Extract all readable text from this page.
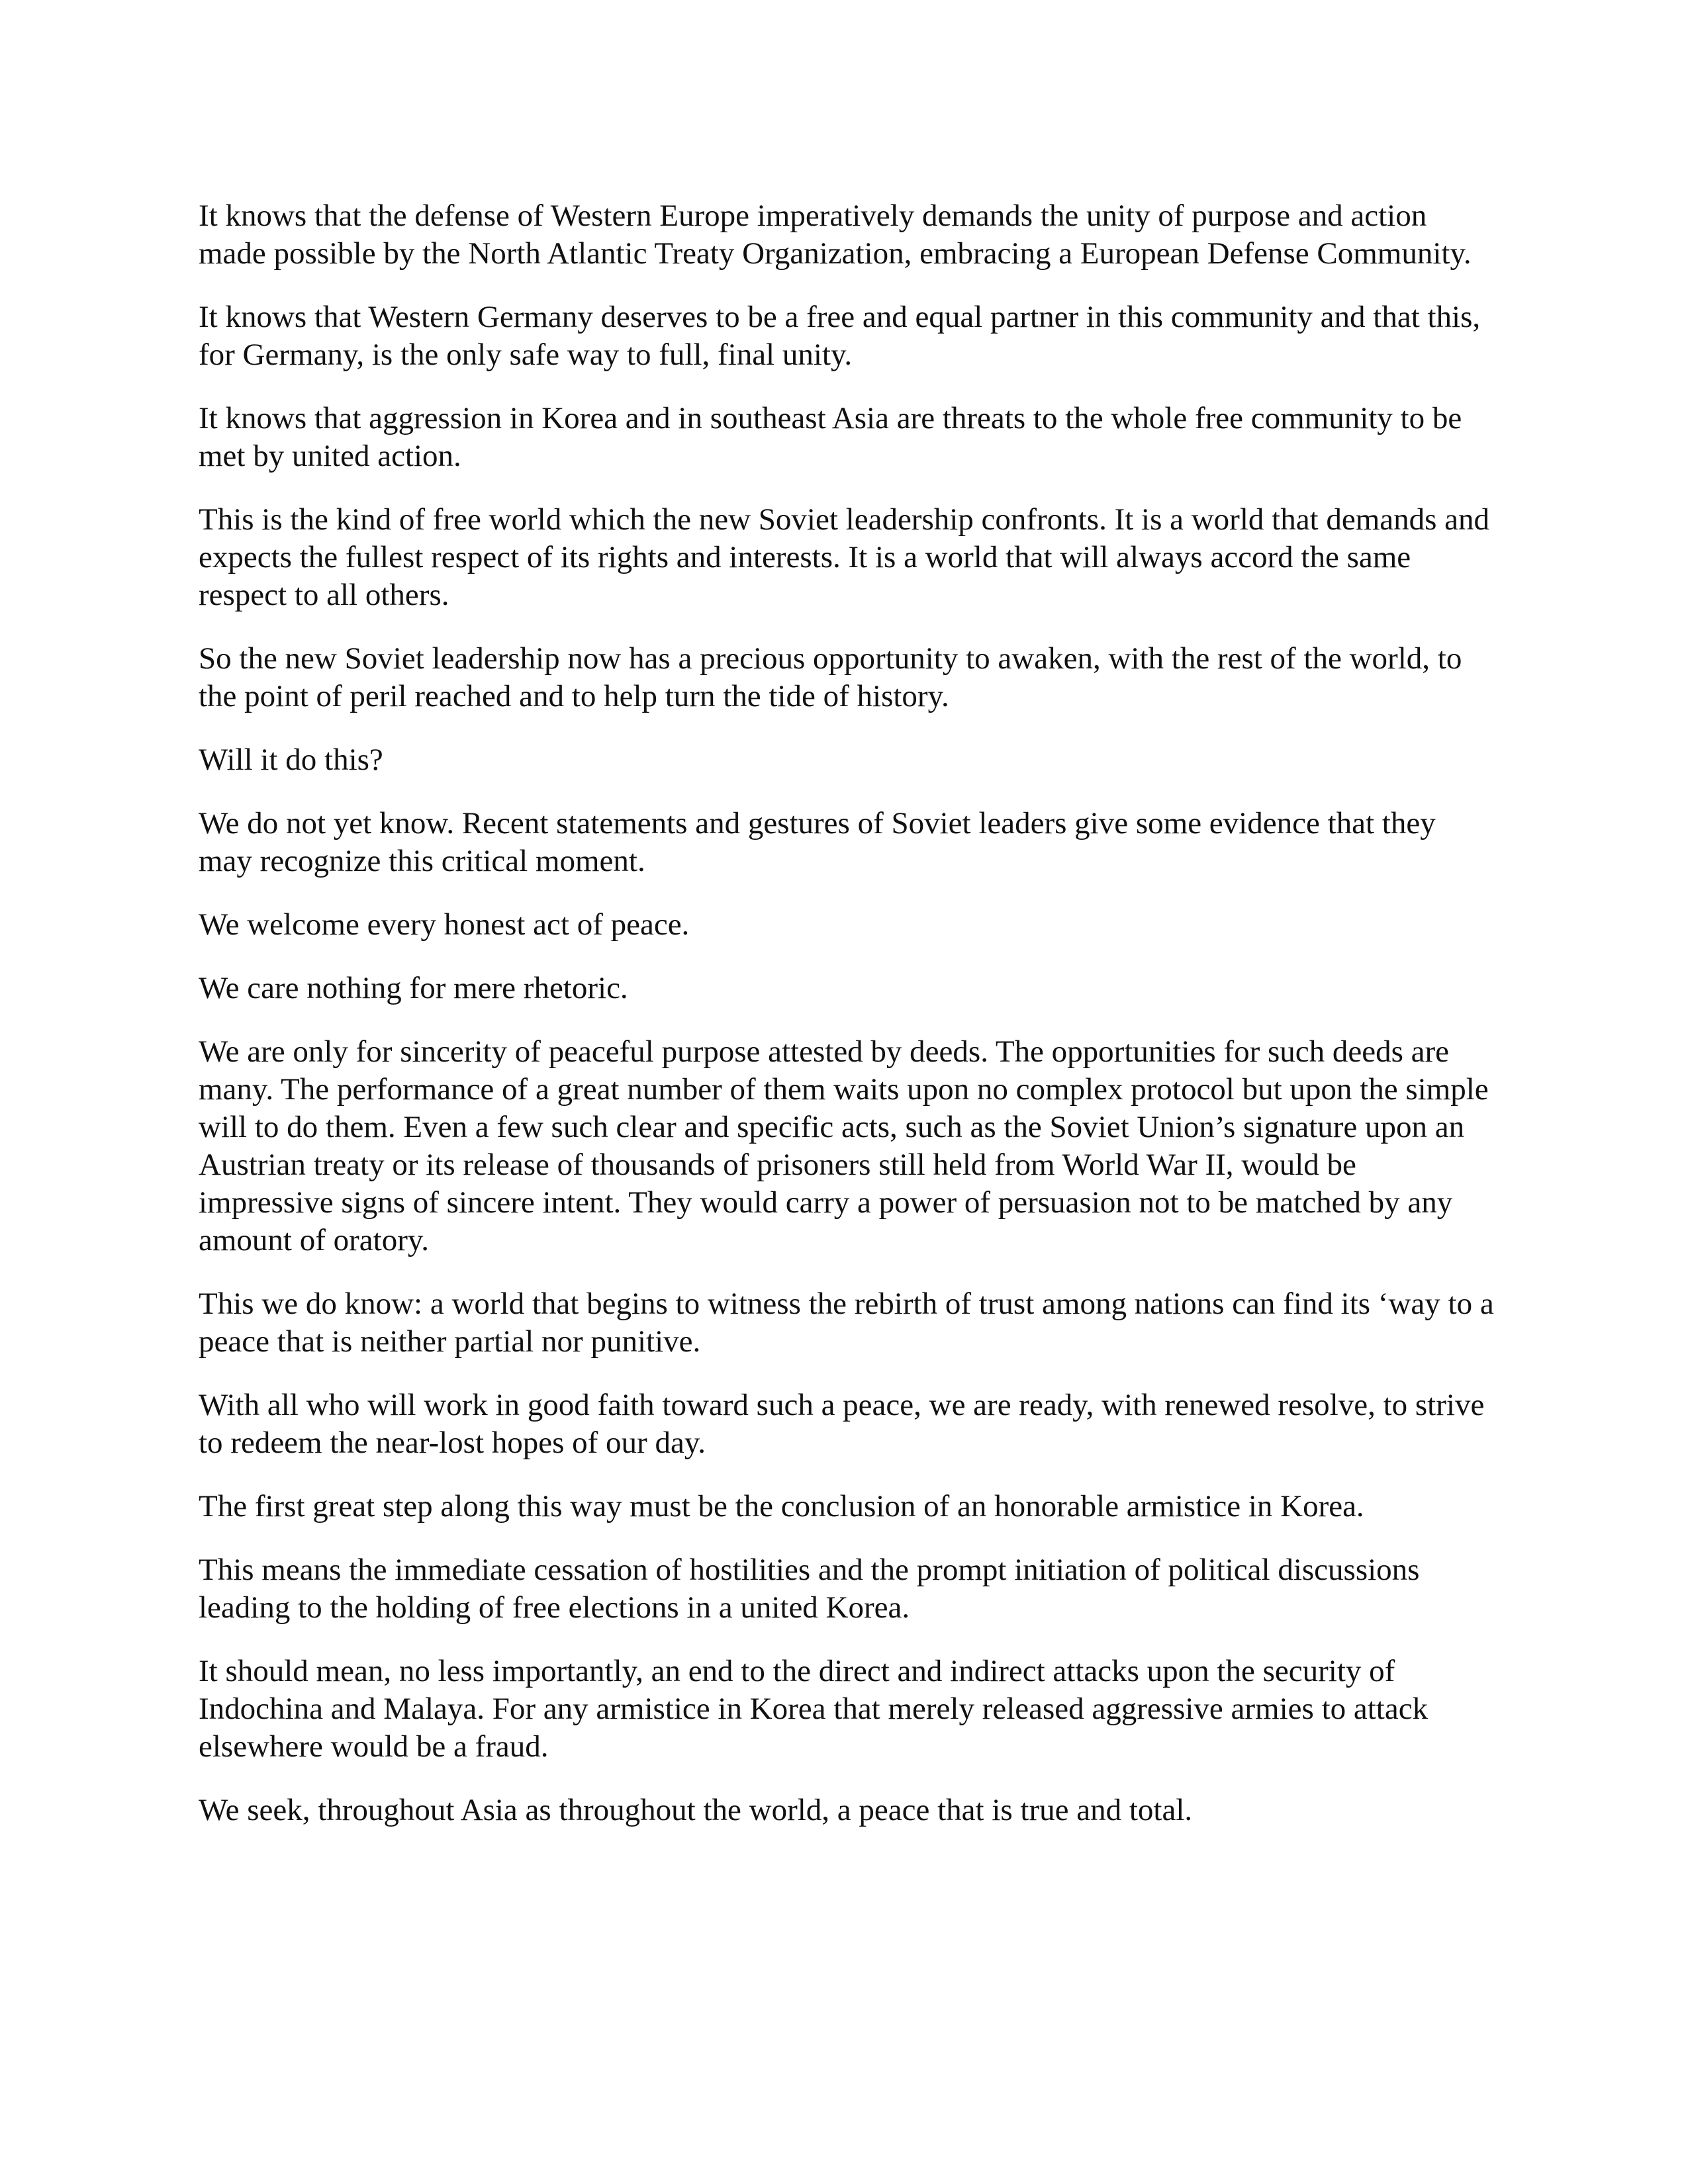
It knows that the defense of Western Europe imperatively demands the unity of purpose and action made possible by the North Atlantic Treaty Organization, embracing a European Defense Community.

It knows that Western Germany deserves to be a free and equal partner in this community and that this, for Germany, is the only safe way to full, final unity.

It knows that aggression in Korea and in southeast Asia are threats to the whole free community to be met by united action.

This is the kind of free world which the new Soviet leadership confronts. It is a world that demands and expects the fullest respect of its rights and interests. It is a world that will always accord the same respect to all others.

So the new Soviet leadership now has a precious opportunity to awaken, with the rest of the world, to the point of peril reached and to help turn the tide of history.

Will it do this?

We do not yet know. Recent statements and gestures of Soviet leaders give some evidence that they may recognize this critical moment.

We welcome every honest act of peace.

We care nothing for mere rhetoric.

We are only for sincerity of peaceful purpose attested by deeds. The opportunities for such deeds are many. The performance of a great number of them waits upon no complex protocol but upon the simple will to do them. Even a few such clear and specific acts, such as the Soviet Union’s signature upon an Austrian treaty or its release of thousands of prisoners still held from World War II, would be impressive signs of sincere intent. They would carry a power of persuasion not to be matched by any amount of oratory.

This we do know: a world that begins to witness the rebirth of trust among nations can find its ‘way to a peace that is neither partial nor punitive.

With all who will work in good faith toward such a peace, we are ready, with renewed resolve, to strive to redeem the near-lost hopes of our day.

The first great step along this way must be the conclusion of an honorable armistice in Korea.

This means the immediate cessation of hostilities and the prompt initiation of political discussions leading to the holding of free elections in a united Korea.

It should mean, no less importantly, an end to the direct and indirect attacks upon the security of Indochina and Malaya. For any armistice in Korea that merely released aggressive armies to attack elsewhere would be a fraud.

We seek, throughout Asia as throughout the world, a peace that is true and total.
